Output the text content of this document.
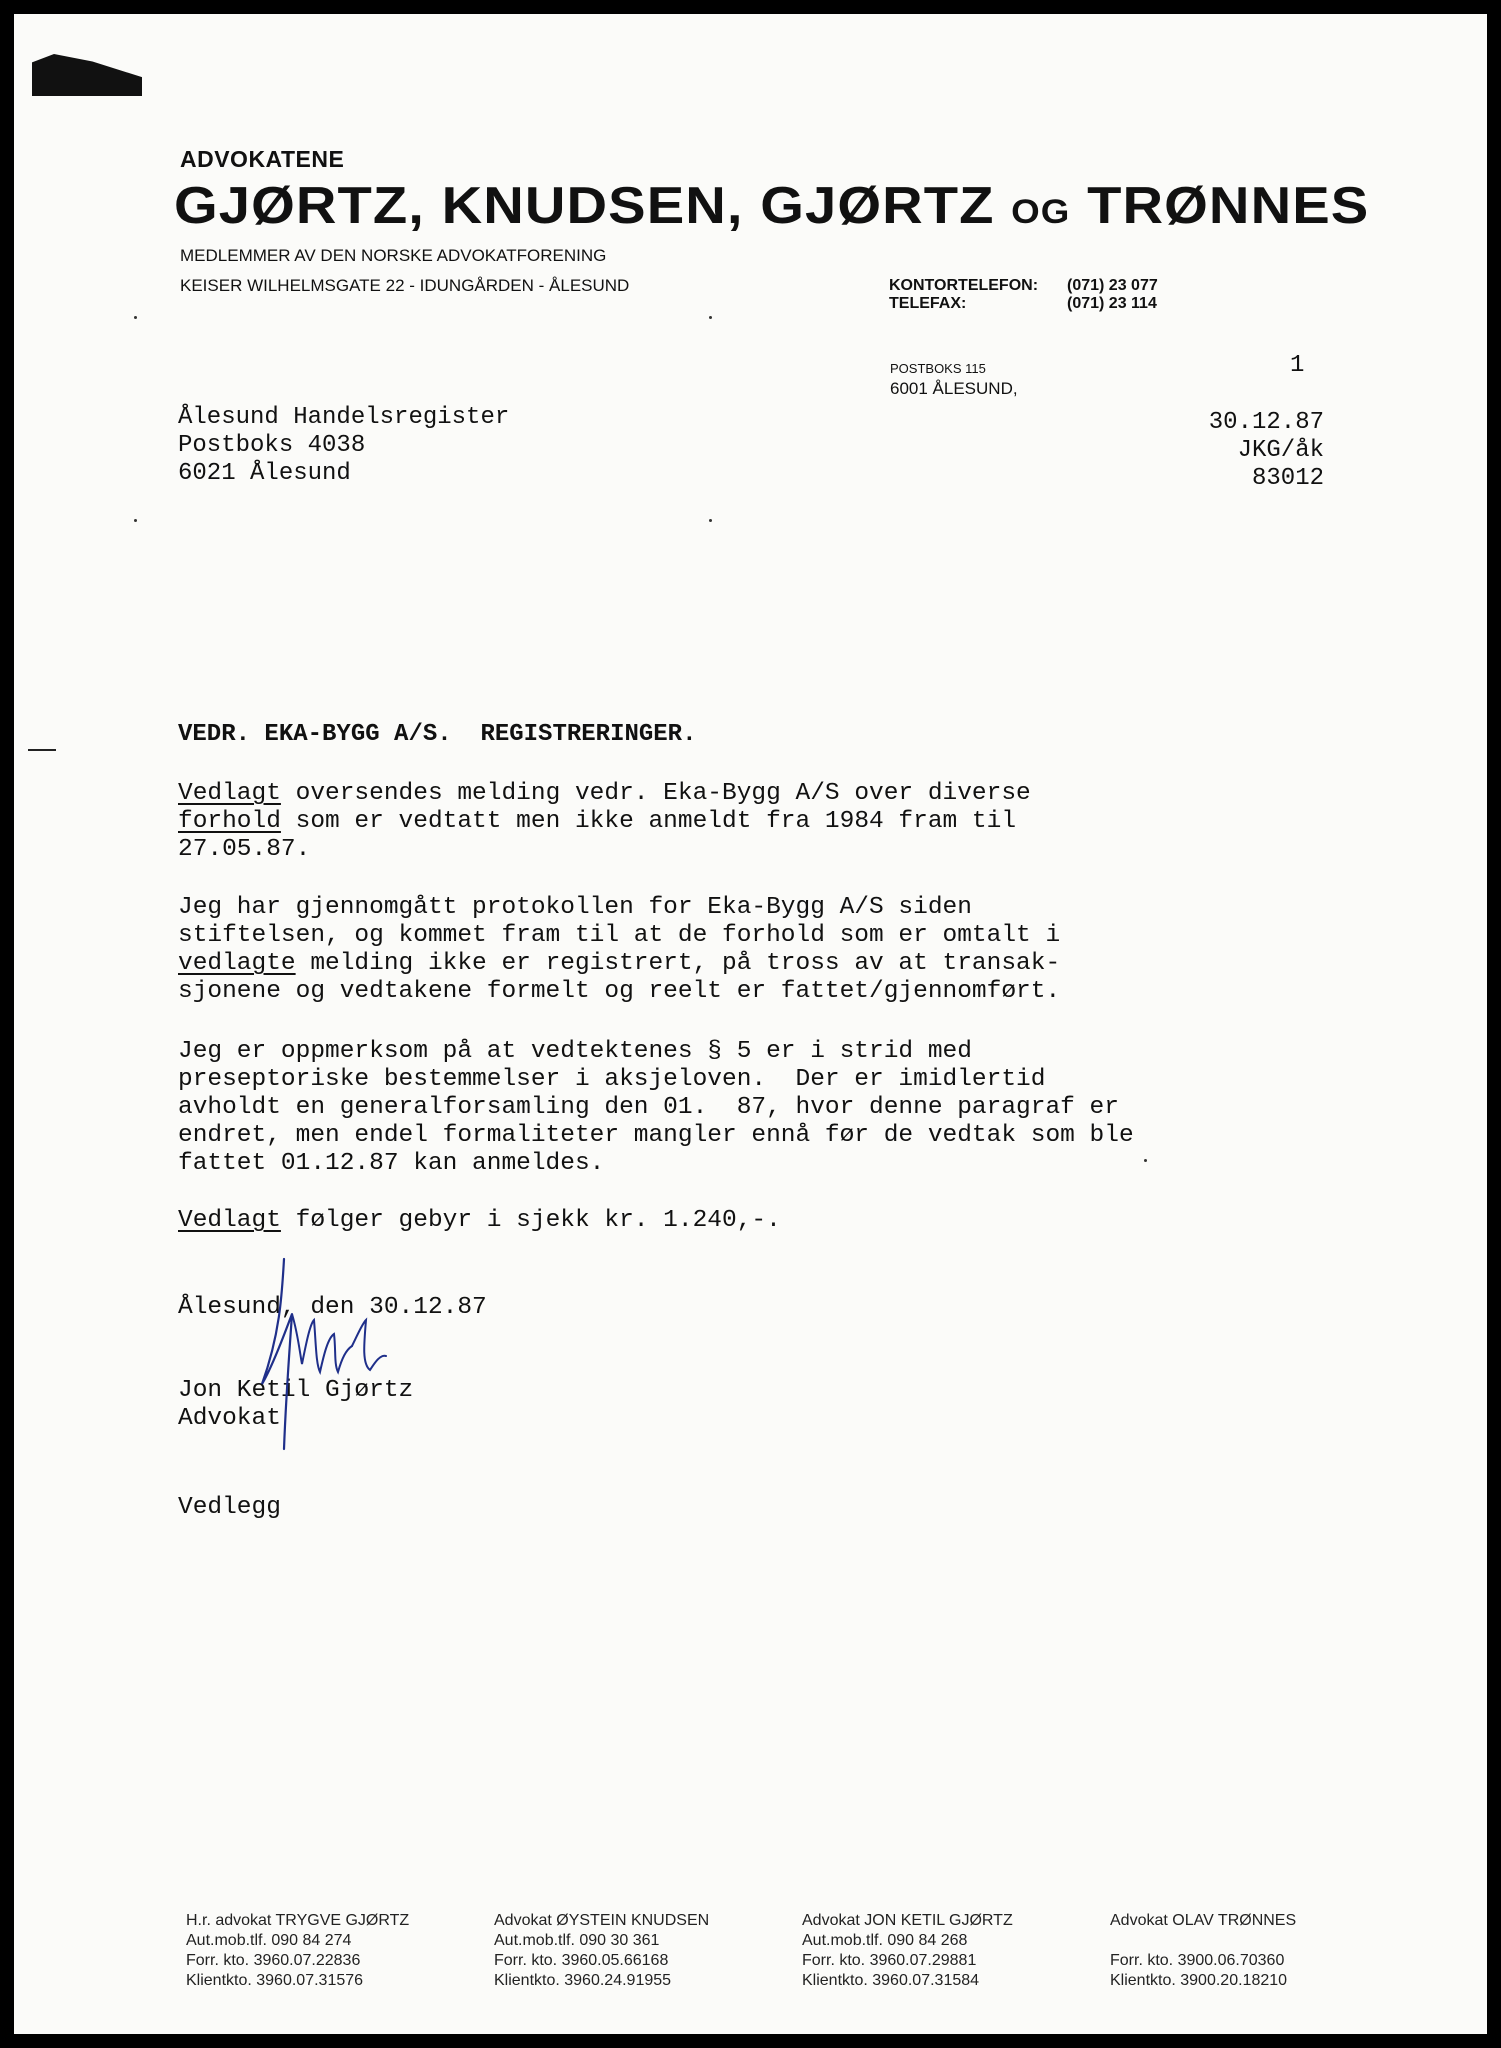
ADVOKATENE
GJØRTZ, KNUDSEN, GJØRTZ OG TRØNNES
MEDLEMMER AV DEN NORSKE ADVOKATFORENING
KEISER WILHELMSGATE 22 - IDUNGÅRDEN - ÅLESUND	KONTORTELEFON:	(071) 23 077
TELEFAX:	(071) 23 114
POSTBOKS 115
6001 ÅLESUND,
1
Ålesund Handelsregister
Postboks 4038
6021 Ålesund
30.12.87
JKG/åk
83012
VEDR. EKA-BYGG A/S.  REGISTRERINGER.
Vedlagt oversendes melding vedr. Eka-Bygg A/S over diverse
forhold som er vedtatt men ikke anmeldt fra 1984 fram til
27.05.87.
Jeg har gjennomgått protokollen for Eka-Bygg A/S siden
stiftelsen, og kommet fram til at de forhold som er omtalt i
vedlagte melding ikke er registrert, på tross av at transak-
sjonene og vedtakene formelt og reelt er fattet/gjennomført.
Jeg er oppmerksom på at vedtektenes § 5 er i strid med
preseptoriske bestemmelser i aksjeloven.  Der er imidlertid
avholdt en generalforsamling den 01.  87, hvor denne paragraf er
endret, men endel formaliteter mangler ennå før de vedtak som ble
fattet 01.12.87 kan anmeldes.
Vedlagt følger gebyr i sjekk kr. 1.240,-.
Ålesund, den 30.12.87
Jon Ketil Gjørtz
Advokat
Vedlegg
H.r. advokat TRYGVE GJØRTZ
Aut.mob.tlf. 090 84 274
Forr. kto. 3960.07.22836
Klientkto. 3960.07.31576
Advokat ØYSTEIN KNUDSEN
Aut.mob.tlf. 090 30 361
Forr. kto. 3960.05.66168
Klientkto. 3960.24.91955
Advokat JON KETIL GJØRTZ
Aut.mob.tlf. 090 84 268
Forr. kto. 3960.07.29881
Klientkto. 3960.07.31584
Advokat OLAV TRØNNES

Forr. kto. 3900.06.70360
Klientkto. 3900.20.18210
